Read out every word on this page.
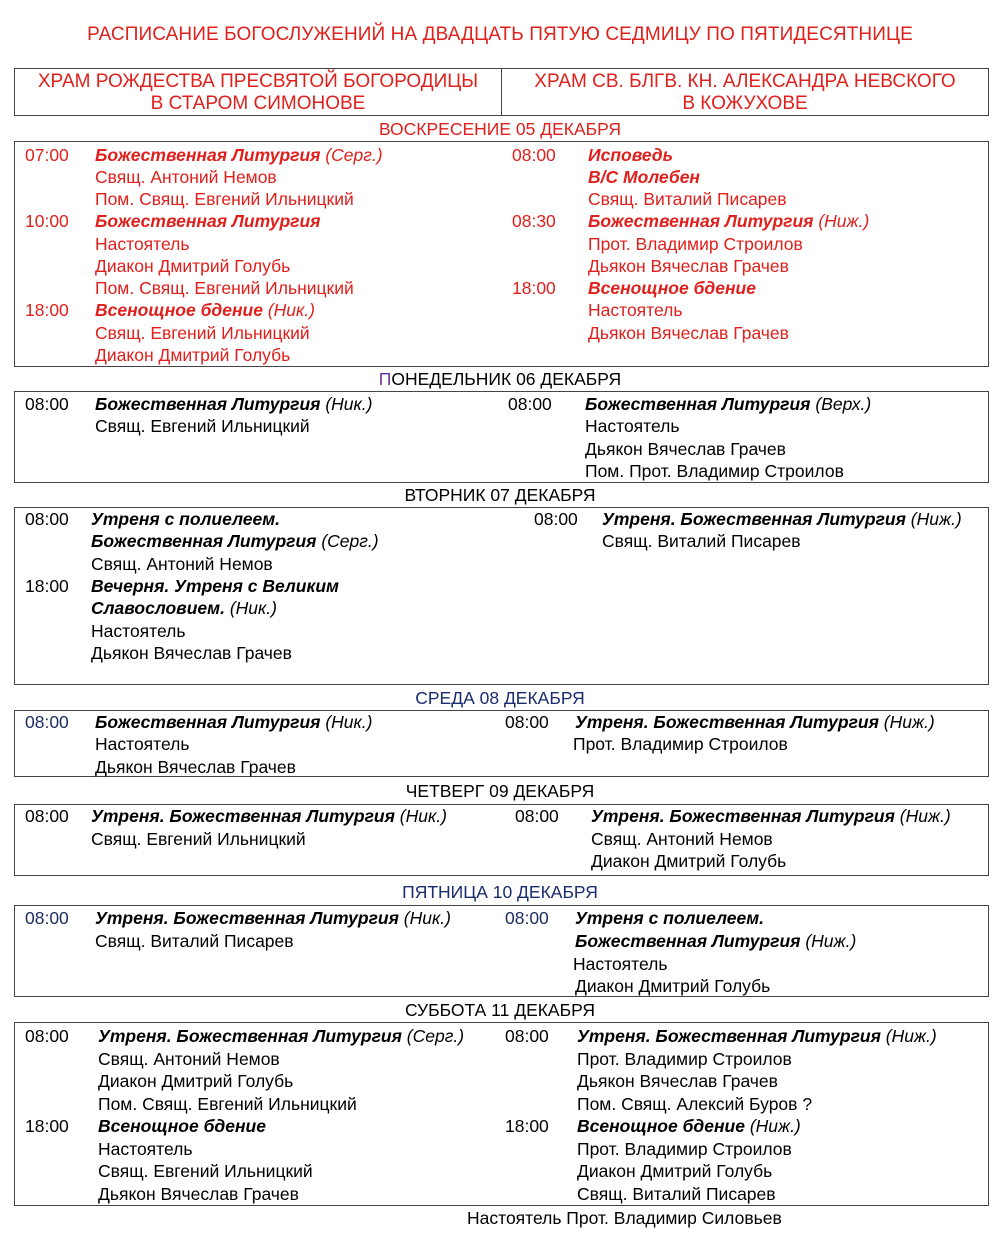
РАСПИСАНИЕ БОГОСЛУЖЕНИЙ НА ДВАДЦАТЬ ПЯТУЮ СЕДМИЦУ ПО ПЯТИДЕСЯТНИЦЕ
ХРАМ РОЖДЕСТВА ПРЕСВЯТОЙ БОГОРОДИЦЫ
В СТАРОМ СИМОНОВЕ
ХРАМ СВ. БЛГВ. КН. АЛЕКСАНДРА НЕВСКОГО
В КОЖУХОВЕ
ВОСКРЕСЕНИЕ 05 ДЕКАБРЯ
07:00 Божественная Литургия (Серг.)
Свящ. Антоний Немов
Пом. Свящ. Евгений Ильницкий
10:00 Божественная Литургия
Настоятель
Диакон Дмитрий Голубь
Пом. Свящ. Евгений Ильницкий
18:00 Всенощное бдение (Ник.)
Свящ. Евгений Ильницкий
Диакон Дмитрий Голубь
08:00 Исповедь
В/С Молебен
Свящ. Виталий Писарев
08:30 Божественная Литургия (Ниж.)
Прот. Владимир Строилов
Дьякон Вячеслав Грачев
18:00 Всенощное бдение
Настоятель
Дьякон Вячеслав Грачев
ПОНЕДЕЛЬНИК 06 ДЕКАБРЯ
08:00 Божественная Литургия (Ник.)
Свящ. Евгений Ильницкий
08:00 Божественная Литургия (Верх.)
Настоятель
Дьякон Вячеслав Грачев
Пом. Прот. Владимир Строилов
ВТОРНИК 07 ДЕКАБРЯ
08:00 Утреня с полиелеем.
Божественная Литургия (Серг.)
Свящ. Антоний Немов
18:00 Вечерня. Утреня с Великим
Славословием. (Ник.)
Настоятель
Дьякон Вячеслав Грачев
08:00 Утреня. Божественная Литургия (Ниж.)
Свящ. Виталий Писарев
СРЕДА 08 ДЕКАБРЯ
08:00 Божественная Литургия (Ник.)
Настоятель
Дьякон Вячеслав Грачев
08:00 Утреня. Божественная Литургия (Ниж.)
Прот. Владимир Строилов
ЧЕТВЕРГ 09 ДЕКАБРЯ
08:00 Утреня. Божественная Литургия (Ник.)
Свящ. Евгений Ильницкий
08:00 Утреня. Божественная Литургия (Ниж.)
Свящ. Антоний Немов
Диакон Дмитрий Голубь
ПЯТНИЦА 10 ДЕКАБРЯ
08:00 Утреня. Божественная Литургия (Ник.)
Свящ. Виталий Писарев
08:00 Утреня с полиелеем.
Божественная Литургия (Ниж.)
Настоятель
Диакон Дмитрий Голубь
СУББОТА 11 ДЕКАБРЯ
08:00 Утреня. Божественная Литургия (Серг.)
Свящ. Антоний Немов
Диакон Дмитрий Голубь
Пом. Свящ. Евгений Ильницкий
18:00 Всенощное бдение
Настоятель
Свящ. Евгений Ильницкий
Дьякон Вячеслав Грачев
08:00 Утреня. Божественная Литургия (Ниж.)
Прот. Владимир Строилов
Дьякон Вячеслав Грачев
Пом. Свящ. Алексий Буров ?
18:00 Всенощное бдение (Ниж.)
Прот. Владимир Строилов
Диакон Дмитрий Голубь
Свящ. Виталий Писарев
Настоятель Прот. Владимир Силовьев
